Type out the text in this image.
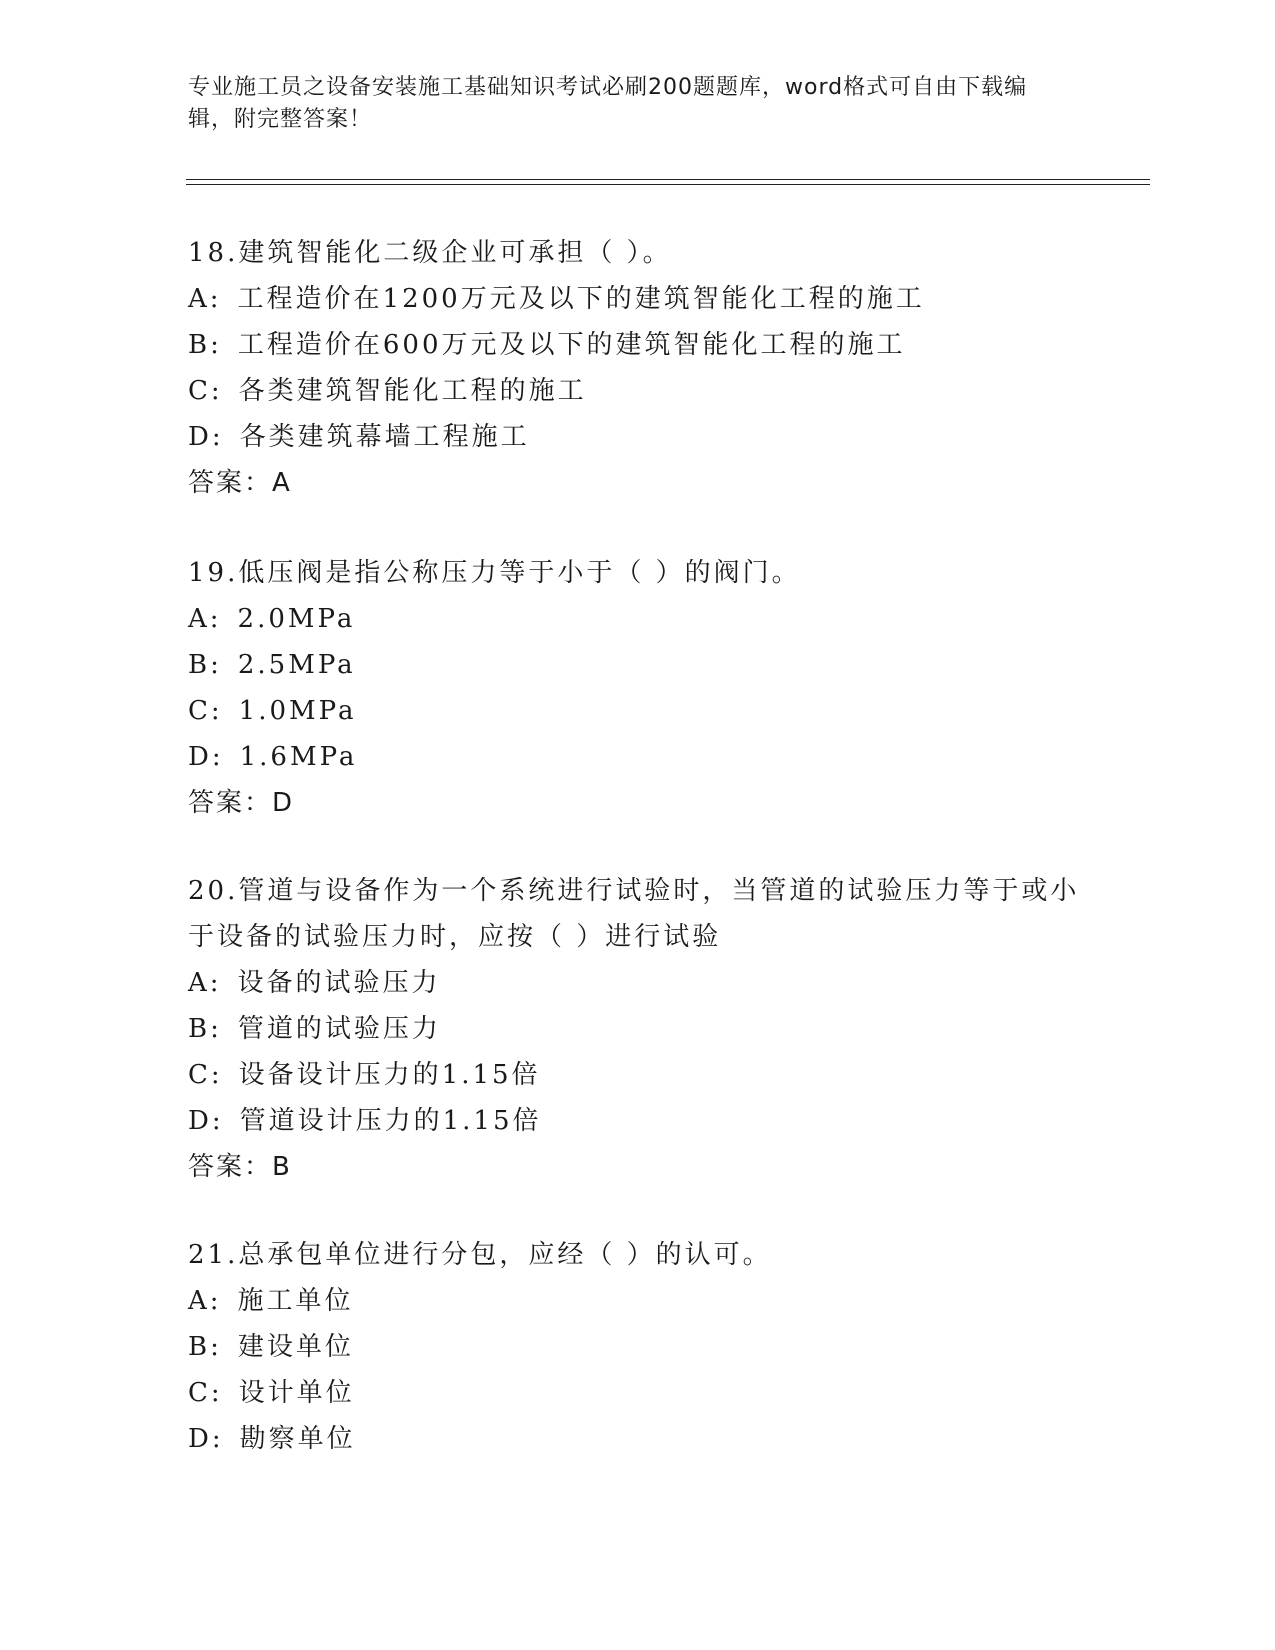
专业施工员之设备安装施工基础知识考试必刷200题题库，word格式可自由下载编辑，附完整答案！
18.建筑智能化二级企业可承担（ ）。
A: 工程造价在1200万元及以下的建筑智能化工程的施工
B: 工程造价在600万元及以下的建筑智能化工程的施工
C: 各类建筑智能化工程的施工
D: 各类建筑幕墙工程施工
答案：A
19.低压阀是指公称压力等于小于（ ）的阀门。
A: 2.0MPa
B: 2.5MPa
C: 1.0MPa
D: 1.6MPa
答案：D
20.管道与设备作为一个系统进行试验时，当管道的试验压力等于或小于设备的试验压力时，应按（ ）进行试验
A: 设备的试验压力
B: 管道的试验压力
C: 设备设计压力的1.15倍
D: 管道设计压力的1.15倍
答案：B
21.总承包单位进行分包，应经（ ）的认可。
A: 施工单位
B: 建设单位
C: 设计单位
D: 勘察单位
